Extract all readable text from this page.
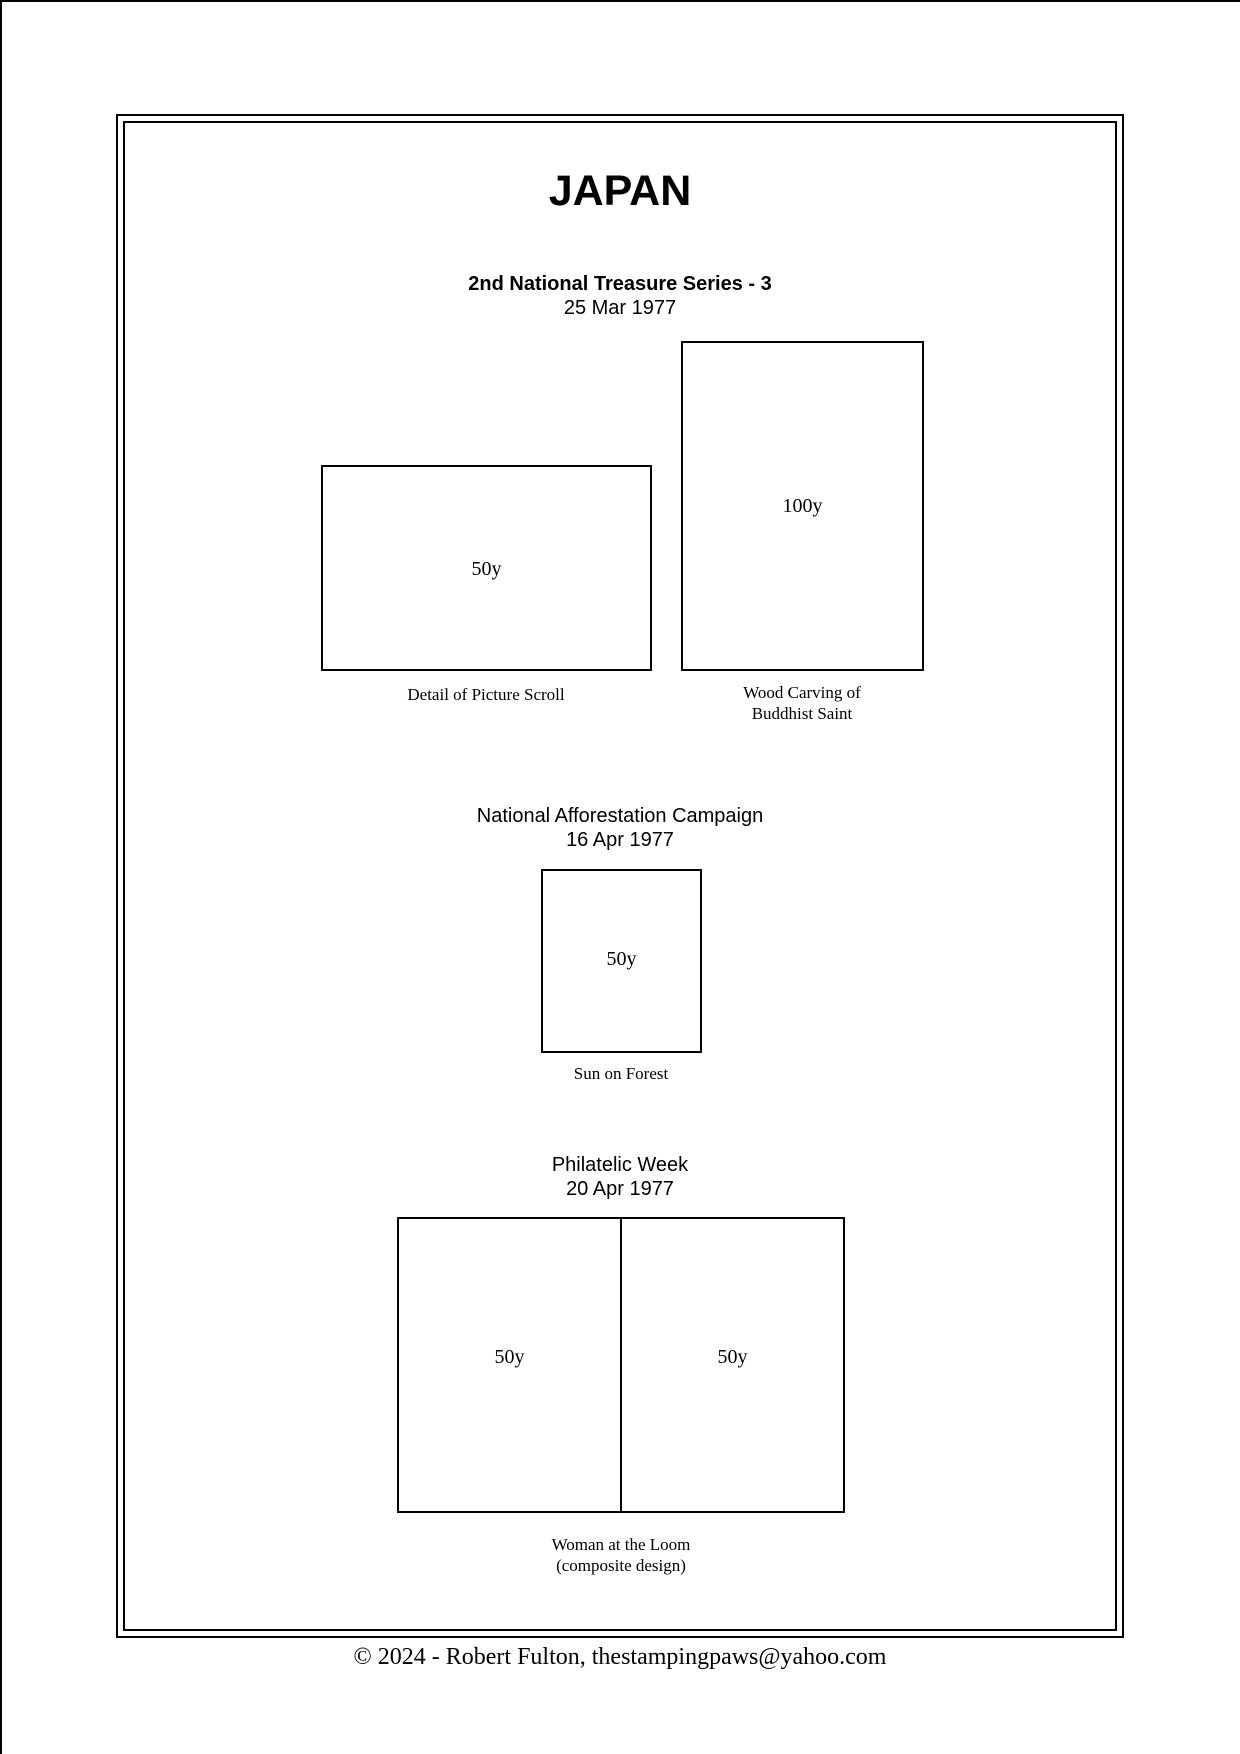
JAPAN
2nd National Treasure Series - 3
25 Mar 1977
50y
Detail of Picture Scroll
100y
Wood Carving of
Buddhist Saint
National Afforestation Campaign
16 Apr 1977
50y
Sun on Forest
Philatelic Week
20 Apr 1977
50y	50y
Woman at the Loom
(composite design)
© 2024 - Robert Fulton, thestampingpaws@yahoo.com
